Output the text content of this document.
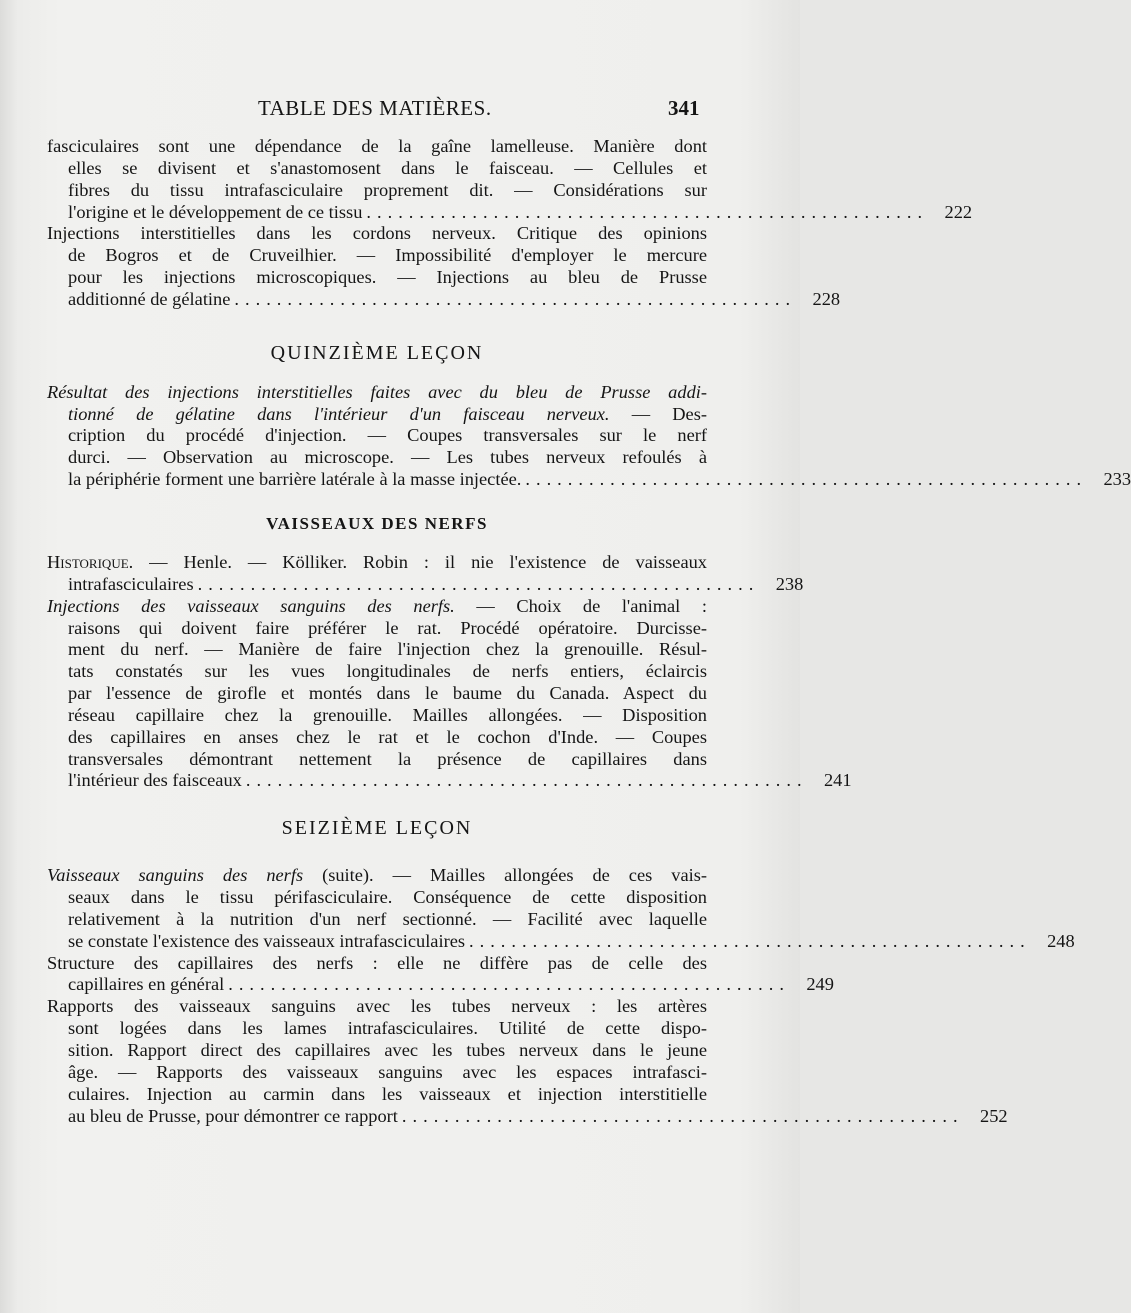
TABLE DES MATIÈRES.	341
fasciculaires sont une dépendance de la gaîne lamelleuse. Manière dont
elles se divisent et s'anastomosent dans le faisceau. — Cellules et
fibres du tissu intrafasciculaire proprement dit. — Considérations sur
l'origine et le développement de ce tissu ..................................................... 222
Injections interstitielles dans les cordons nerveux. Critique des opinions
de Bogros et de Cruveilhier. — Impossibilité d'employer le mercure
pour les injections microscopiques. — Injections au bleu de Prusse
additionné de gélatine ..................................................... 228
QUINZIÈME LEÇON
Résultat des injections interstitielles faites avec du bleu de Prusse addi-
tionné de gélatine dans l'intérieur d'un faisceau nerveux. — Des-
cription du procédé d'injection. — Coupes transversales sur le nerf
durci. — Observation au microscope. — Les tubes nerveux refoulés à
la périphérie forment une barrière latérale à la masse injectée. ..................................................... 233
VAISSEAUX DES NERFS
Historique. — Henle. — Kölliker. Robin : il nie l'existence de vaisseaux
intrafasciculaires ..................................................... 238
Injections des vaisseaux sanguins des nerfs. — Choix de l'animal :
raisons qui doivent faire préférer le rat. Procédé opératoire. Durcisse-
ment du nerf. — Manière de faire l'injection chez la grenouille. Résul-
tats constatés sur les vues longitudinales de nerfs entiers, éclaircis
par l'essence de girofle et montés dans le baume du Canada. Aspect du
réseau capillaire chez la grenouille. Mailles allongées. — Disposition
des capillaires en anses chez le rat et le cochon d'Inde. — Coupes
transversales démontrant nettement la présence de capillaires dans
l'intérieur des faisceaux ..................................................... 241
SEIZIÈME LEÇON
Vaisseaux sanguins des nerfs (suite). — Mailles allongées de ces vais-
seaux dans le tissu périfasciculaire. Conséquence de cette disposition
relativement à la nutrition d'un nerf sectionné. — Facilité avec laquelle
se constate l'existence des vaisseaux intrafasciculaires ..................................................... 248
Structure des capillaires des nerfs : elle ne diffère pas de celle des
capillaires en général ..................................................... 249
Rapports des vaisseaux sanguins avec les tubes nerveux : les artères
sont logées dans les lames intrafasciculaires. Utilité de cette dispo-
sition. Rapport direct des capillaires avec les tubes nerveux dans le jeune
âge. — Rapports des vaisseaux sanguins avec les espaces intrafasci-
culaires. Injection au carmin dans les vaisseaux et injection interstitielle
au bleu de Prusse, pour démontrer ce rapport ..................................................... 252
